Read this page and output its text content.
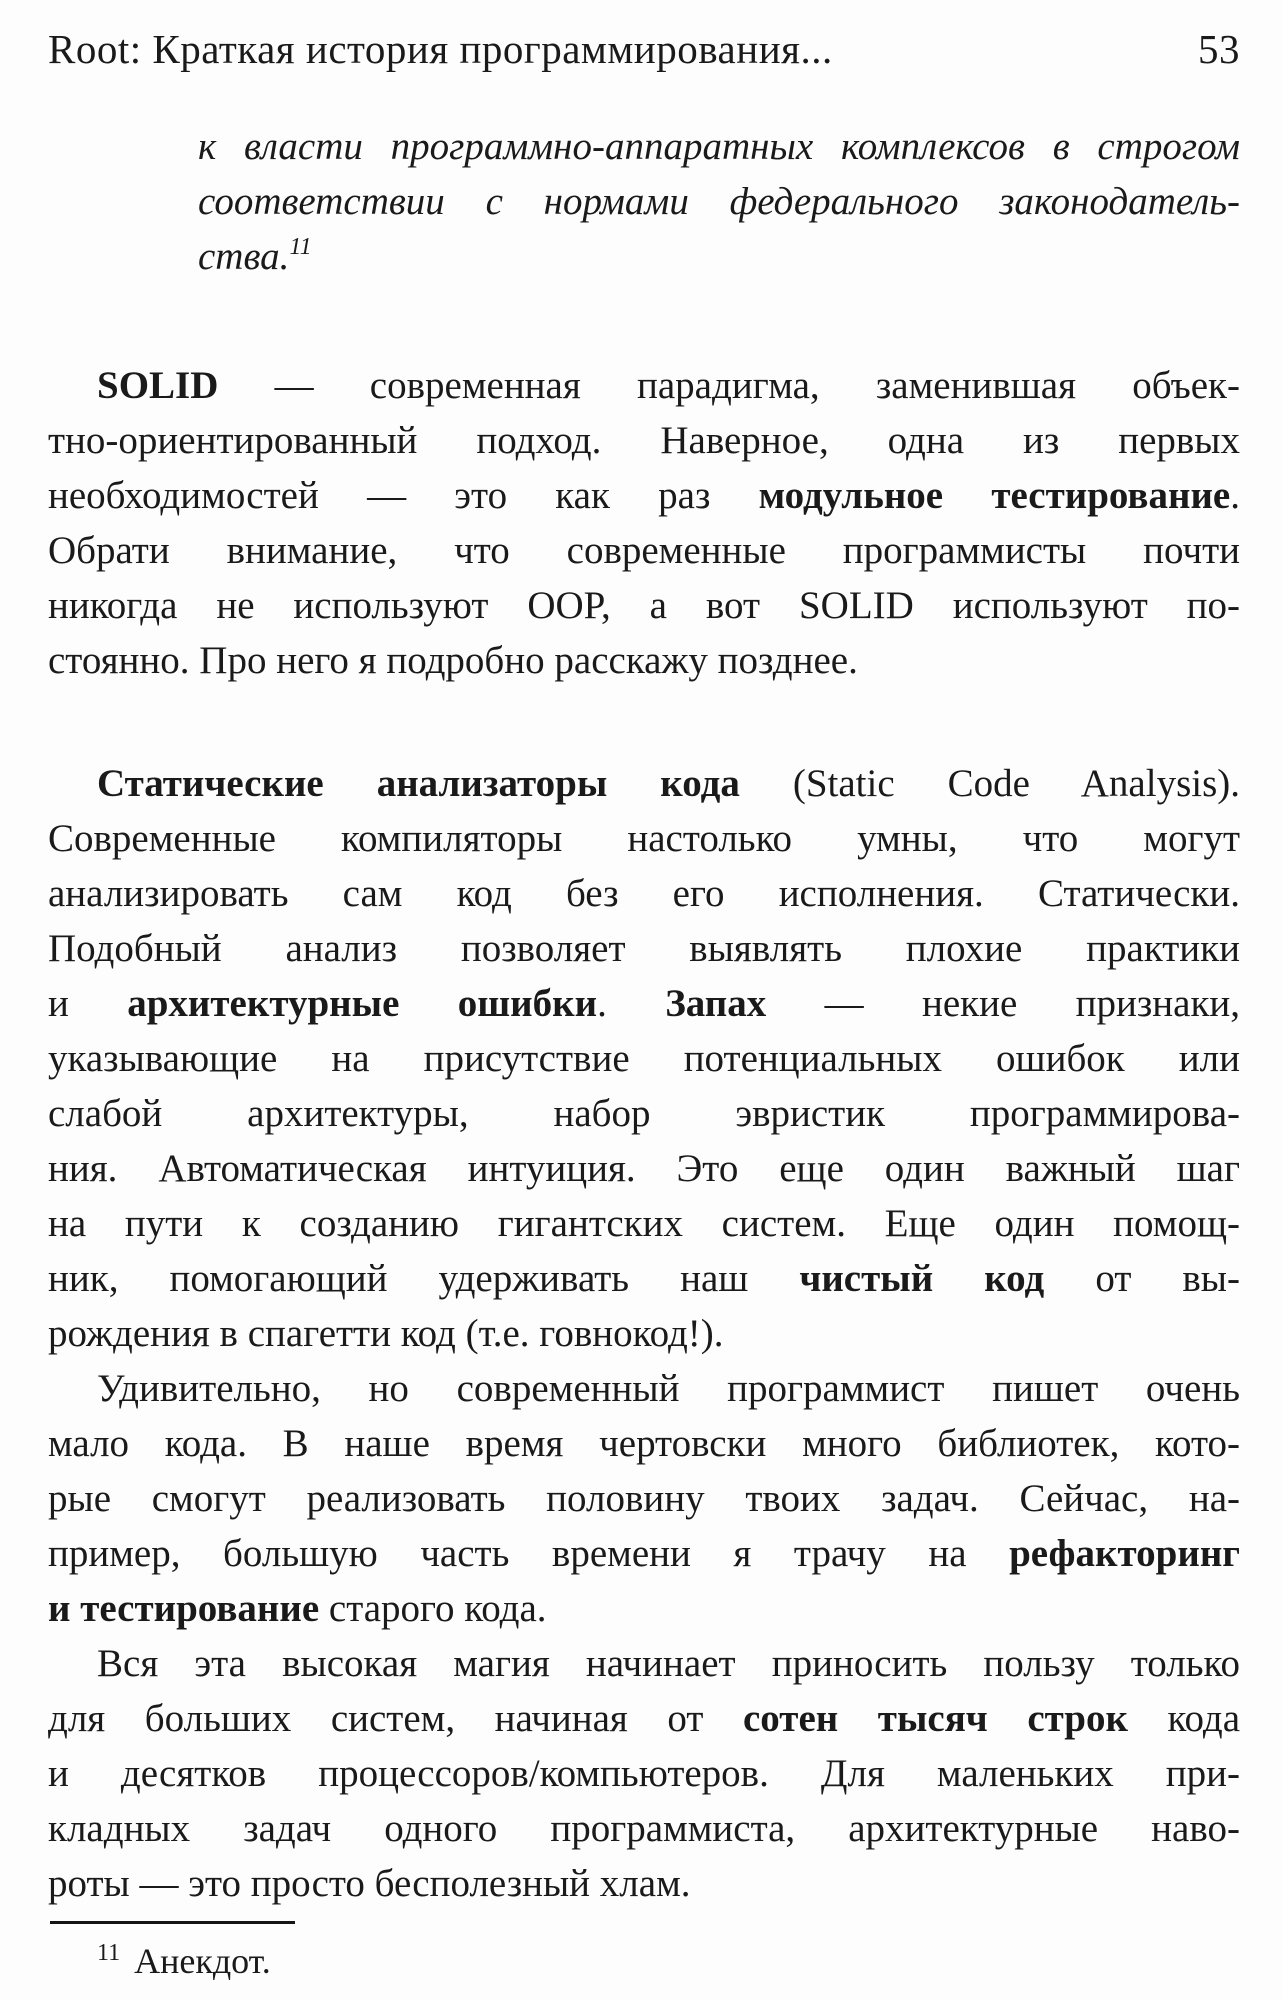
Root: Краткая история программирования...	53
к власти программно-аппаратных комплексов в строгом
соответствии с нормами федерального законодатель-
ства.$^{11}$
SOLID — современная парадигма, заменившая объек-
тно-ориентированный подход. Наверное, одна из первых
необходимостей — это как раз модульное тестирование.
Обрати внимание, что современные программисты почти
никогда не используют OOP, а вот SOLID используют по-
стоянно. Про него я подробно расскажу позднее.
Статические анализаторы кода (Static Code Analysis).
Современные компиляторы настолько умны, что могут
анализировать сам код без его исполнения. Статически.
Подобный анализ позволяет выявлять плохие практики
и архитектурные ошибки. Запах — некие признаки,
указывающие на присутствие потенциальных ошибок или
слабой архитектуры, набор эвристик программирова-
ния. Автоматическая интуиция. Это еще один важный шаг
на пути к созданию гигантских систем. Еще один помощ-
ник, помогающий удерживать наш чистый код от вы-
рождения в спагетти код (т.е. говнокод!).
Удивительно, но современный программист пишет очень
мало кода. В наше время чертовски много библиотек, кото-
рые смогут реализовать половину твоих задач. Сейчас, на-
пример, большую часть времени я трачу на рефакторинг
и тестирование старого кода.
Вся эта высокая магия начинает приносить пользу только
для больших систем, начиная от сотен тысяч строк кода
и десятков процессоров/компьютеров. Для маленьких при-
кладных задач одного программиста, архитектурные наво-
роты — это просто бесполезный хлам.
$^{11}$ Анекдот.
